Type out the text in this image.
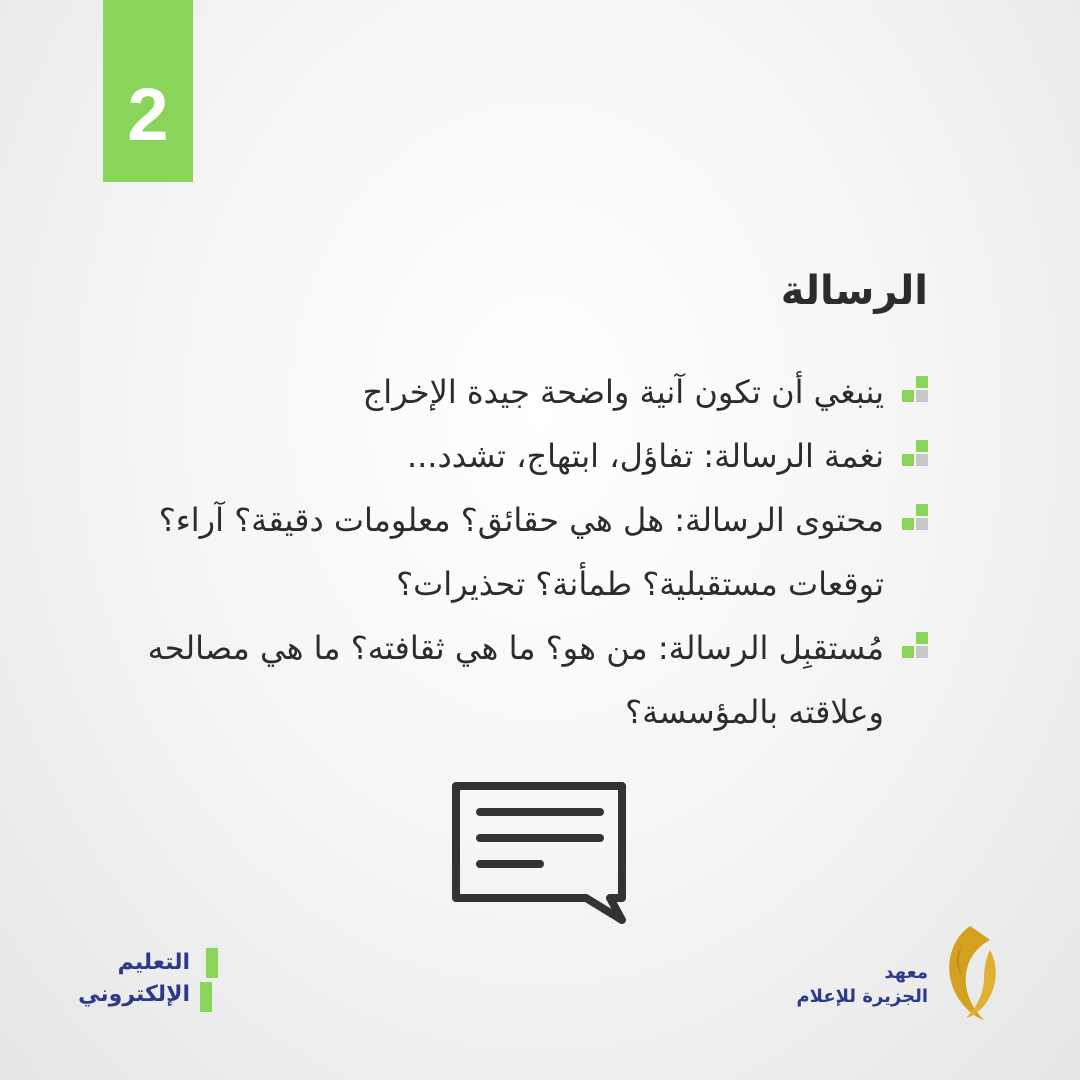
2
الرسالة
ينبغي أن تكون آنية واضحة جيدة الإخراج
نغمة الرسالة: تفاؤل، ابتهاج، تشدد...
محتوى الرسالة: هل هي حقائق؟ معلومات دقيقة؟ آراء؟ توقعات مستقبلية؟ طمأنة؟ تحذيرات؟
مُستقبِل الرسالة: من هو؟ ما هي ثقافته؟ ما هي مصالحه وعلاقته بالمؤسسة؟
التعليم
الإلكتروني
معهد
الجزيرة للإعلام
